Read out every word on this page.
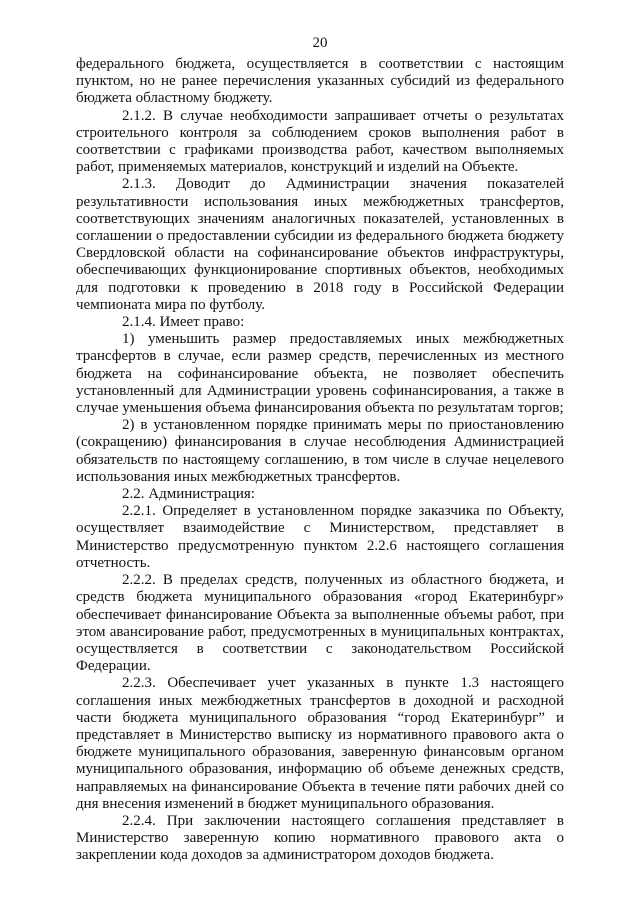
20

федерального бюджета, осуществляется в соответствии с настоящим пунктом, но не ранее перечисления указанных субсидий из федерального бюджета областному бюджету.

2.1.2. В случае необходимости запрашивает отчеты о результатах строительного контроля за соблюдением сроков выполнения работ в соответствии с графиками производства работ, качеством выполняемых работ, применяемых материалов, конструкций и изделий на Объекте.

2.1.3. Доводит до Администрации значения показателей результативности использования иных межбюджетных трансфертов, соответствующих значениям аналогичных показателей, установленных в соглашении о предоставлении субсидии из федерального бюджета бюджету Свердловской области на софинансирование объектов инфраструктуры, обеспечивающих функционирование спортивных объектов, необходимых для подготовки к проведению в 2018 году в Российской Федерации чемпионата мира по футболу.

2.1.4. Имеет право:

1) уменьшить размер предоставляемых иных межбюджетных трансфертов в случае, если размер средств, перечисленных из местного бюджета на софинансирование объекта, не позволяет обеспечить установленный для Администрации уровень софинансирования, а также в случае уменьшения объема финансирования объекта по результатам торгов;

2) в установленном порядке принимать меры по приостановлению (сокращению) финансирования в случае несоблюдения Администрацией обязательств по настоящему соглашению, в том числе в случае нецелевого использования иных межбюджетных трансфертов.

2.2. Администрация:

2.2.1. Определяет в установленном порядке заказчика по Объекту, осуществляет взаимодействие с Министерством, представляет в Министерство предусмотренную пунктом 2.2.6 настоящего соглашения отчетность.

2.2.2. В пределах средств, полученных из областного бюджета, и средств бюджета муниципального образования «город Екатеринбург» обеспечивает финансирование Объекта за выполненные объемы работ, при этом авансирование работ, предусмотренных в муниципальных контрактах, осуществляется в соответствии с законодательством Российской Федерации.

2.2.3. Обеспечивает учет указанных в пункте 1.3 настоящего соглашения иных межбюджетных трансфертов в доходной и расходной части бюджета муниципального образования “город Екатеринбург” и представляет в Министерство выписку из нормативного правового акта о бюджете муниципального образования, заверенную финансовым органом муниципального образования, информацию об объеме денежных средств, направляемых на финансирование Объекта в течение пяти рабочих дней со дня внесения изменений в бюджет муниципального образования.

2.2.4. При заключении настоящего соглашения представляет в Министерство заверенную копию нормативного правового акта о закреплении кода доходов за администратором доходов бюджета.
